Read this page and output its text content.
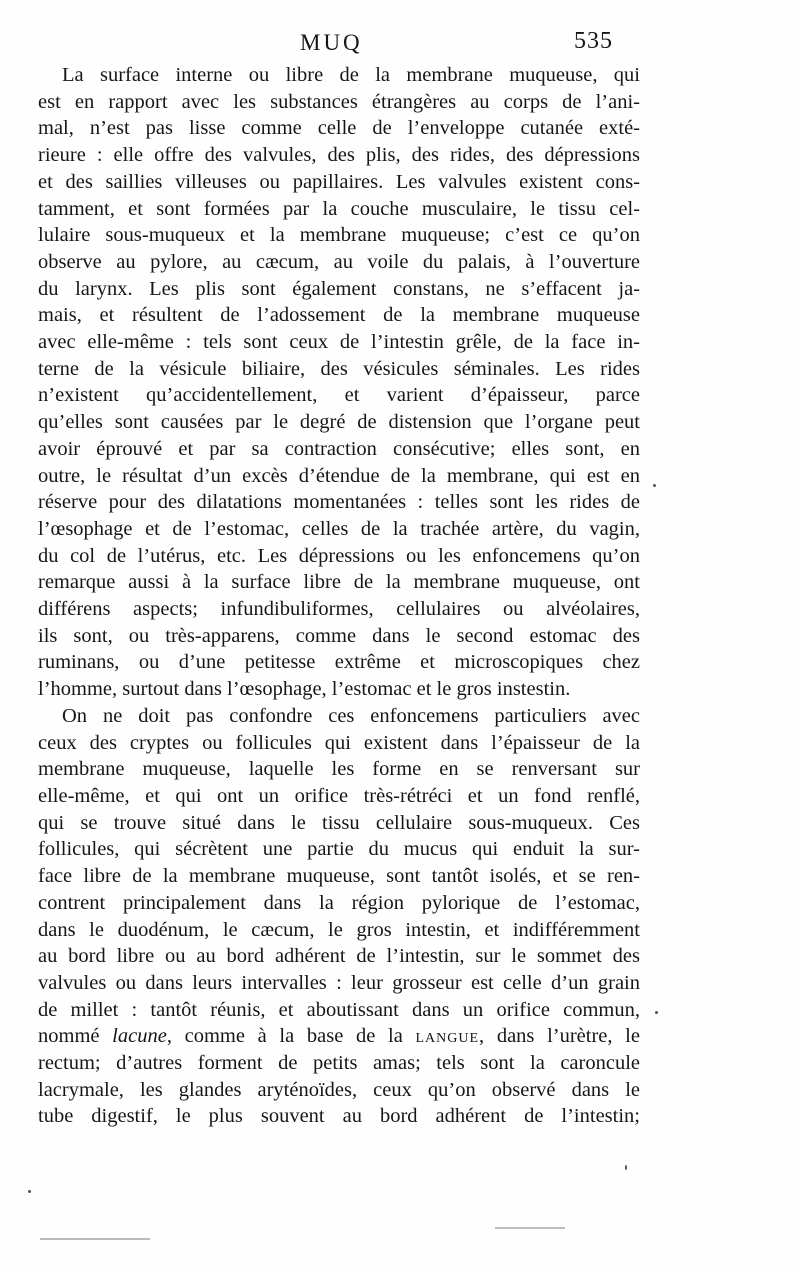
MUQ	535
La surface interne ou libre de la membrane muqueuse, qui
est en rapport avec les substances étrangères au corps de l’ani-
mal, n’est pas lisse comme celle de l’enveloppe cutanée exté-
rieure : elle offre des valvules, des plis, des rides, des dépressions
et des saillies villeuses ou papillaires. Les valvules existent cons-
tamment, et sont formées par la couche musculaire, le tissu cel-
lulaire sous-muqueux et la membrane muqueuse; c’est ce qu’on
observe au pylore, au cæcum, au voile du palais, à l’ouverture
du larynx. Les plis sont également constans, ne s’effacent ja-
mais, et résultent de l’adossement de la membrane muqueuse
avec elle-même : tels sont ceux de l’intestin grêle, de la face in-
terne de la vésicule biliaire, des vésicules séminales. Les rides
n’existent qu’accidentellement, et varient d’épaisseur, parce
qu’elles sont causées par le degré de distension que l’organe peut
avoir éprouvé et par sa contraction consécutive; elles sont, en
outre, le résultat d’un excès d’étendue de la membrane, qui est en
réserve pour des dilatations momentanées : telles sont les rides de
l’œsophage et de l’estomac, celles de la trachée artère, du vagin,
du col de l’utérus, etc. Les dépressions ou les enfoncemens qu’on
remarque aussi à la surface libre de la membrane muqueuse, ont
différens aspects; infundibuliformes, cellulaires ou alvéolaires,
ils sont, ou très-apparens, comme dans le second estomac des
ruminans, ou d’une petitesse extrême et microscopiques chez
l’homme, surtout dans l’œsophage, l’estomac et le gros instestin.
On ne doit pas confondre ces enfoncemens particuliers avec
ceux des cryptes ou follicules qui existent dans l’épaisseur de la
membrane muqueuse, laquelle les forme en se renversant sur
elle-même, et qui ont un orifice très-rétréci et un fond renflé,
qui se trouve situé dans le tissu cellulaire sous-muqueux. Ces
follicules, qui sécrètent une partie du mucus qui enduit la sur-
face libre de la membrane muqueuse, sont tantôt isolés, et se ren-
contrent principalement dans la région pylorique de l’estomac,
dans le duodénum, le cæcum, le gros intestin, et indifféremment
au bord libre ou au bord adhérent de l’intestin, sur le sommet des
valvules ou dans leurs intervalles : leur grosseur est celle d’un grain
de millet : tantôt réunis, et aboutissant dans un orifice commun,
nommé lacune, comme à la base de la langue, dans l’urètre, le
rectum; d’autres forment de petits amas; tels sont la caroncule
lacrymale, les glandes aryténoïdes, ceux qu’on observé dans le
tube digestif, le plus souvent au bord adhérent de l’intestin;
